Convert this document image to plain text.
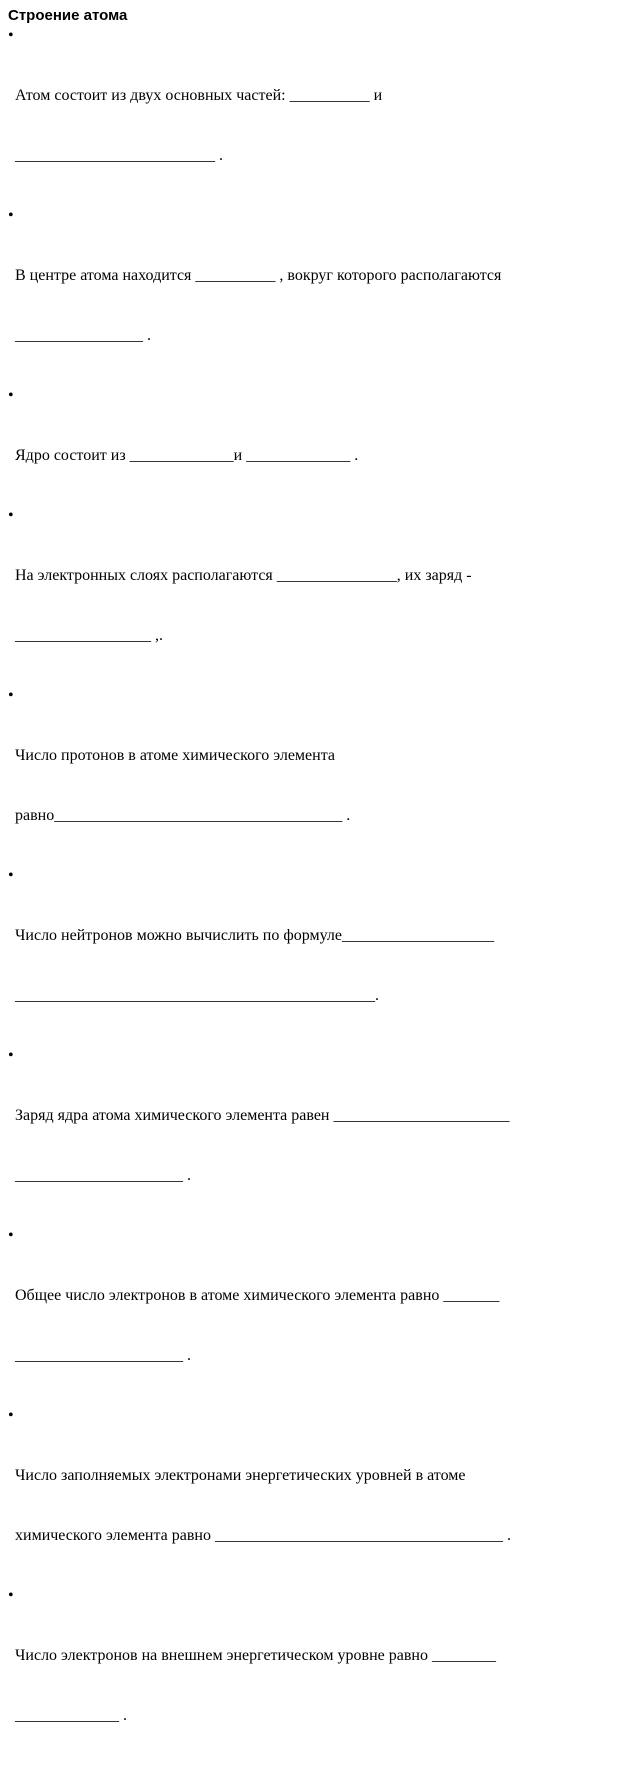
Строение атома

•

Атом состоит из двух основных частей: __________ и

_________________________ .

•

В центре атома находится __________ , вокруг которого располагаются

________________ .

•

Ядро состоит из _____________и _____________ .

•

На электронных слоях располагаются _______________, их заряд -

_________________ ,.

•

Число протонов в атоме химического элемента

равно____________________________________ .

•

Число нейтронов можно вычислить по формуле___________________

_____________________________________________.

•

Заряд ядра атома химического элемента равен ______________________

_____________________ .

•

Общее число электронов в атоме химического элемента равно _______

_____________________ .

•

Число заполняемых электронами энергетических уровней в атоме

химического элемента равно ____________________________________ .

•

Число электронов на внешнем энергетическом уровне равно ________

_____________ .
